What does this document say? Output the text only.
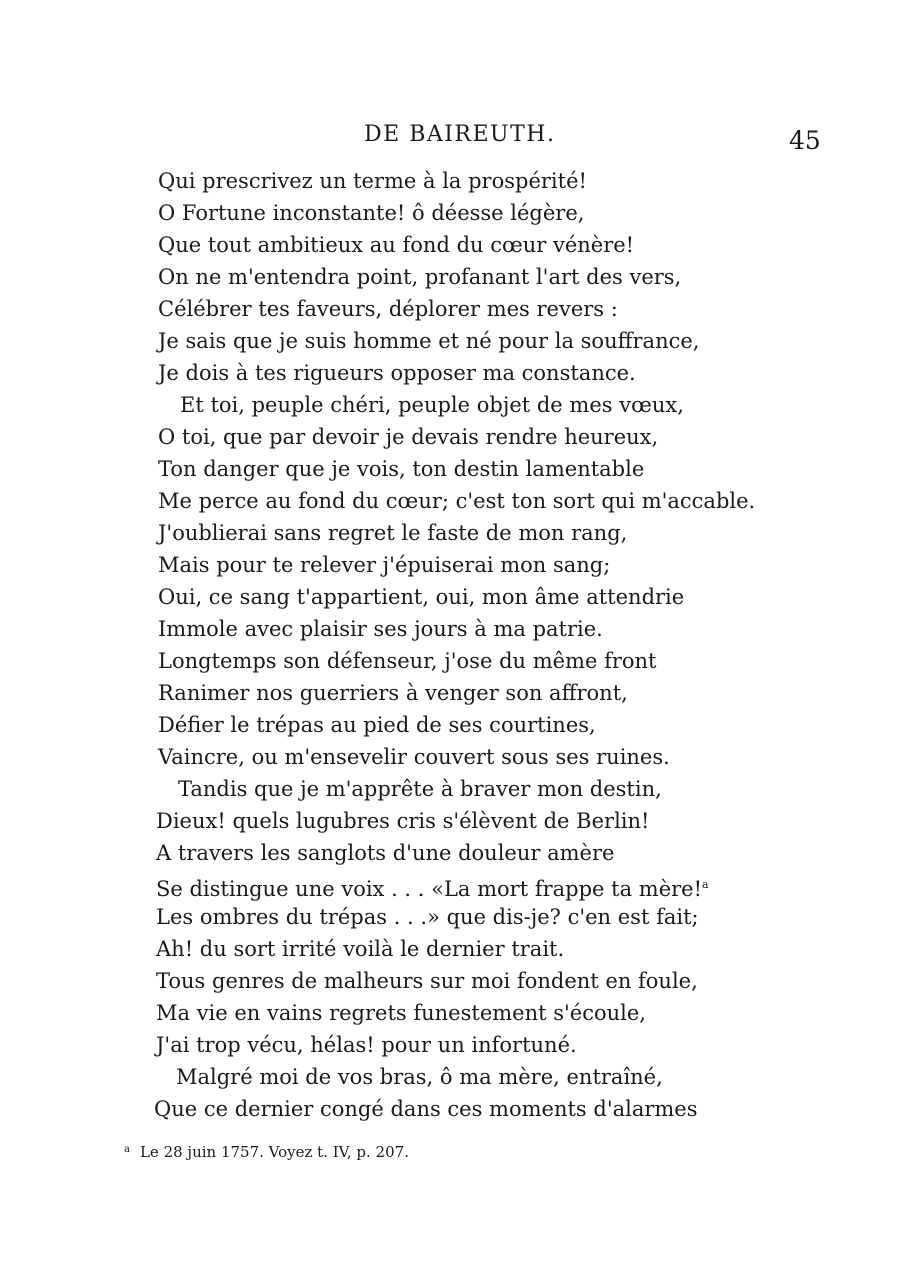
DE BAIREUTH.	45
Qui prescrivez un terme à la prospérité!
O Fortune inconstante! ô déesse légère,
Que tout ambitieux au fond du cœur vénère!
On ne m'entendra point, profanant l'art des vers,
Célébrer tes faveurs, déplorer mes revers :
Je sais que je suis homme et né pour la souffrance,
Je dois à tes rigueurs opposer ma constance.
Et toi, peuple chéri, peuple objet de mes vœux,
O toi, que par devoir je devais rendre heureux,
Ton danger que je vois, ton destin lamentable
Me perce au fond du cœur; c'est ton sort qui m'accable.
J'oublierai sans regret le faste de mon rang,
Mais pour te relever j'épuiserai mon sang;
Oui, ce sang t'appartient, oui, mon âme attendrie
Immole avec plaisir ses jours à ma patrie.
Longtemps son défenseur, j'ose du même front
Ranimer nos guerriers à venger son affront,
Défier le trépas au pied de ses courtines,
Vaincre, ou m'ensevelir couvert sous ses ruines.
Tandis que je m'apprête à braver mon destin,
Dieux! quels lugubres cris s'élèvent de Berlin!
A travers les sanglots d'une douleur amère
Se distingue une voix . . . «La mort frappe ta mère!$^a$
Les ombres du trépas . . .» que dis-je? c'en est fait;
Ah! du sort irrité voilà le dernier trait.
Tous genres de malheurs sur moi fondent en foule,
Ma vie en vains regrets funestement s'écoule,
J'ai trop vécu, hélas! pour un infortuné.
Malgré moi de vos bras, ô ma mère, entraîné,
Que ce dernier congé dans ces moments d'alarmes
$^a$ Le 28 juin 1757. Voyez t. IV, p. 207.
